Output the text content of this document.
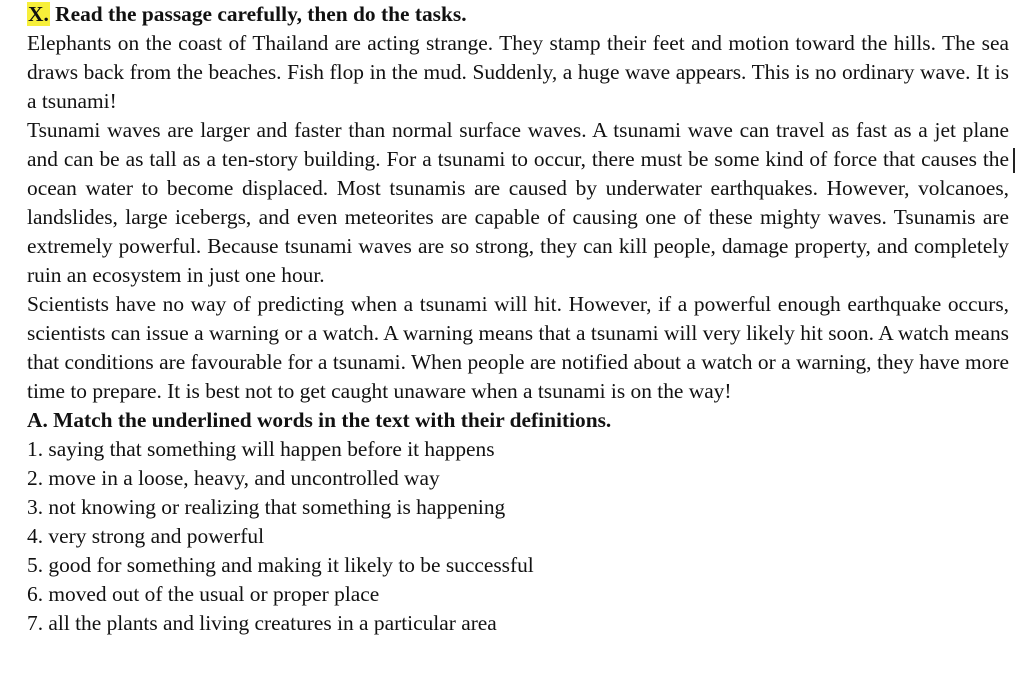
X. Read the passage carefully, then do the tasks.

Elephants on the coast of Thailand are acting strange. They stamp their feet and motion toward the hills. The sea draws back from the beaches. Fish flop in the mud. Suddenly, a huge wave appears. This is no ordinary wave. It is a tsunami!

Tsunami waves are larger and faster than normal surface waves. A tsunami wave can travel as fast as a jet plane and can be as tall as a ten-story building. For a tsunami to occur, there must be some kind of force that causes the ocean water to become displaced. Most tsunamis are caused by underwater earthquakes. However, volcanoes, landslides, large icebergs, and even meteorites are capable of causing one of these mighty waves. Tsunamis are extremely powerful. Because tsunami waves are so strong, they can kill people, damage property, and completely ruin an ecosystem in just one hour.

Scientists have no way of predicting when a tsunami will hit. However, if a powerful enough earthquake occurs, scientists can issue a warning or a watch. A warning means that a tsunami will very likely hit soon. A watch means that conditions are favourable for a tsunami. When people are notified about a watch or a warning, they have more time to prepare. It is best not to get caught unaware when a tsunami is on the way!

A. Match the underlined words in the text with their definitions.

1. saying that something will happen before it happens
2. move in a loose, heavy, and uncontrolled way
3. not knowing or realizing that something is happening
4. very strong and powerful
5. good for something and making it likely to be successful
6. moved out of the usual or proper place
7. all the plants and living creatures in a particular area
